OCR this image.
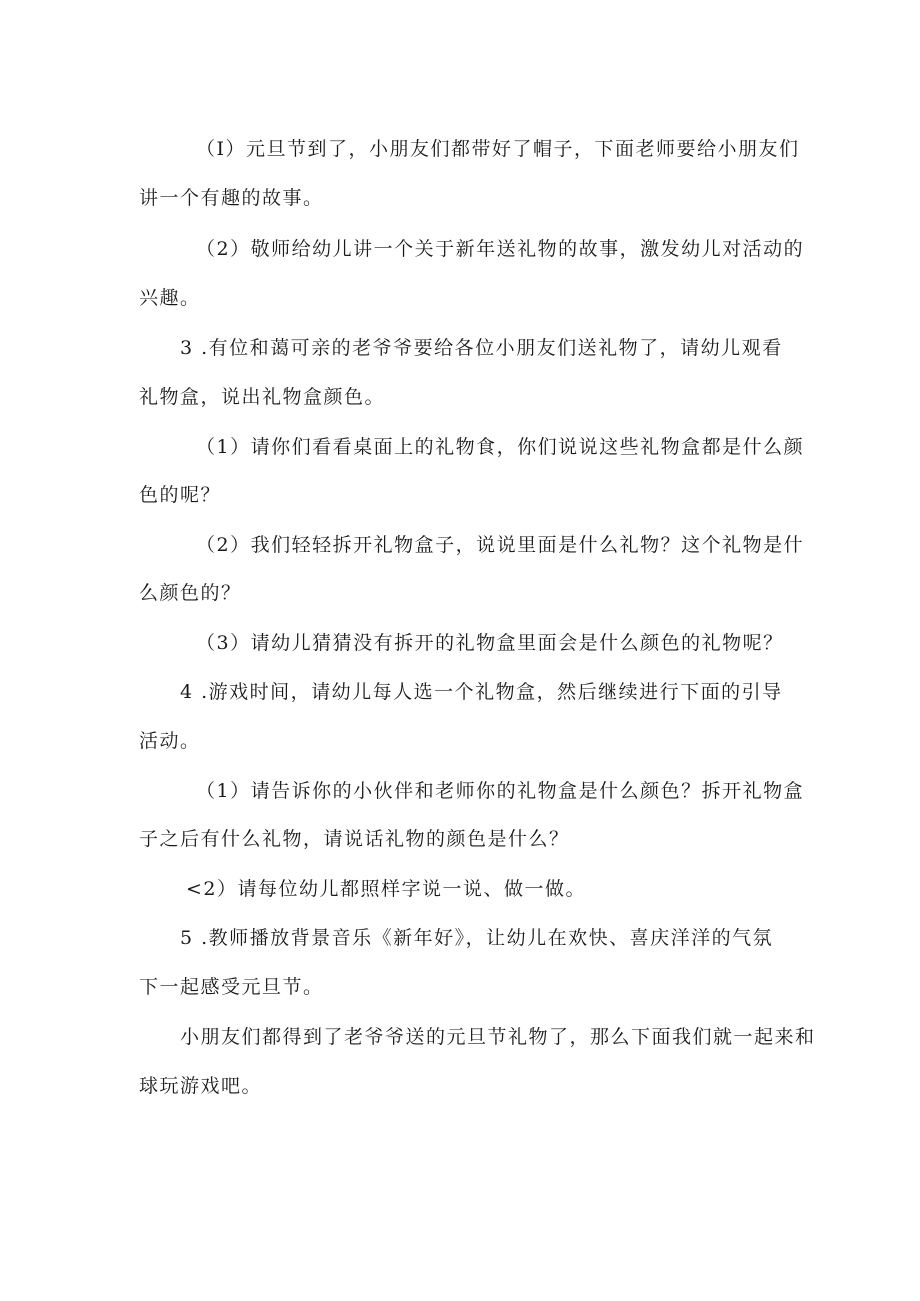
（I）元旦节到了，小朋友们都带好了帽子，下面老师要给小朋友们
讲一个有趣的故事。
（2）敬师给幼儿讲一个关于新年送礼物的故事，激发幼儿对活动的
兴趣。
3 .有位和蔼可亲的老爷爷要给各位小朋友们送礼物了，请幼儿观看
礼物盒，说出礼物盒颜色。
（1）请你们看看桌面上的礼物食，你们说说这些礼物盒都是什么颜
色的呢？
（2）我们轻轻拆开礼物盒子，说说里面是什么礼物？这个礼物是什
么颜色的？
（3）请幼儿猜猜没有拆开的礼物盒里面会是什么颜色的礼物呢？
4 .游戏时间，请幼儿每人选一个礼物盒，然后继续进行下面的引导
活动。
（1）请告诉你的小伙伴和老师你的礼物盒是什么颜色？拆开礼物盒
子之后有什么礼物，请说话礼物的颜色是什么？
<2）请每位幼儿都照样字说一说、做一做。
5 .教师播放背景音乐《新年好》，让幼儿在欢快、喜庆洋洋的气氛
下一起感受元旦节。
小朋友们都得到了老爷爷送的元旦节礼物了，那么下面我们就一起来和
球玩游戏吧。
